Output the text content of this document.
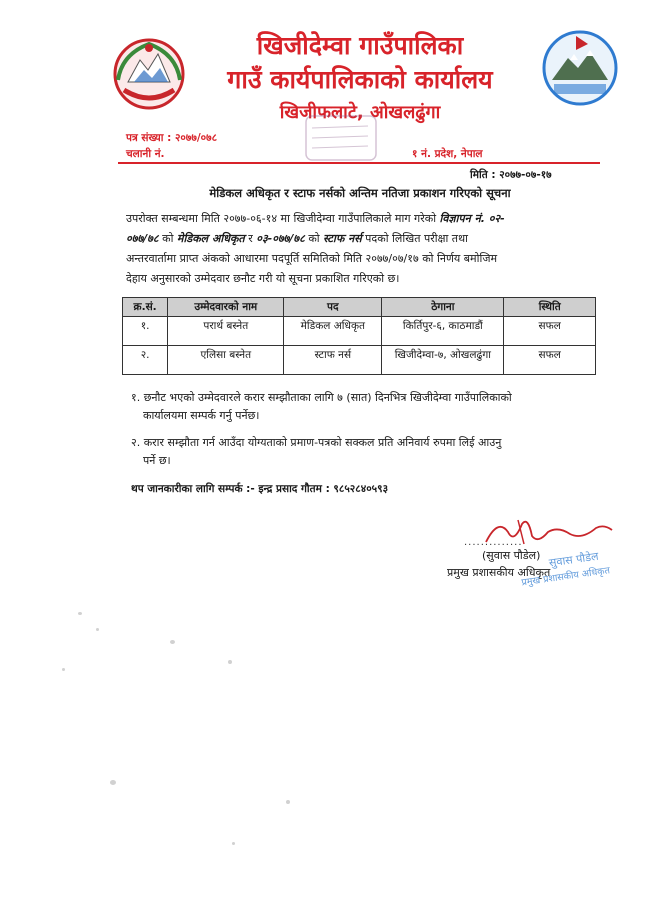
खिजीदेम्वा गाउँपालिका
गाउँ कार्यपालिकाको कार्यालय
खिजीफलाटे, ओखलढुंगा
पत्र संख्या : २०७७/०७८
चलानी नं.	१ नं. प्रदेश, नेपाल
मिति : २०७७-०७-१७
मेडिकल अधिकृत र स्टाफ नर्सको अन्तिम नतिजा प्रकाशन गरिएको सूचना
उपरोक्त सम्बन्धमा मिति २०७७-०६-१४ मा खिजीदेम्वा गाउँपालिकाले माग गरेको विज्ञापन नं. ०२-
०७७/७८ को मेडिकल अधिकृत र ०३-०७७/७८ को स्टाफ नर्स पदको लिखित परीक्षा तथा
अन्तरवार्तामा प्राप्त अंकको आधारमा पदपूर्ति समितिको मिति २०७७/०७/१७ को निर्णय बमोजिम
देहाय अनुसारको उम्मेदवार छनौट गरी यो सूचना प्रकाशित गरिएको छ।
क्र.सं.	उम्मेदवारको नाम	पद	ठेगाना	स्थिति
१.	परार्थ बस्नेत	मेडिकल अधिकृत	किर्तिपुर-६, काठमाडौं	सफल
२.	एलिसा बस्नेत	स्टाफ नर्स	खिजीदेम्वा-७, ओखलढुंगा	सफल
१. छनौट भएको उम्मेदवारले करार सम्झौताका लागि ७ (सात) दिनभित्र खिजीदेम्वा गाउँपालिकाको
कार्यालयमा सम्पर्क गर्नु पर्नेछ।
२. करार सम्झौता गर्न आउँदा योग्यताको प्रमाण-पत्रको सक्कल प्रति अनिवार्य रुपमा लिई आउनु
पर्ने छ।
थप जानकारीका लागि सम्पर्क :- इन्द्र प्रसाद गौतम : ९८५२८४०५९३
..............
(सुवास पौडेल)
प्रमुख प्रशासकीय अधिकृत
सुवास पौडेल
प्रमुख प्रशासकीय अधिकृत
